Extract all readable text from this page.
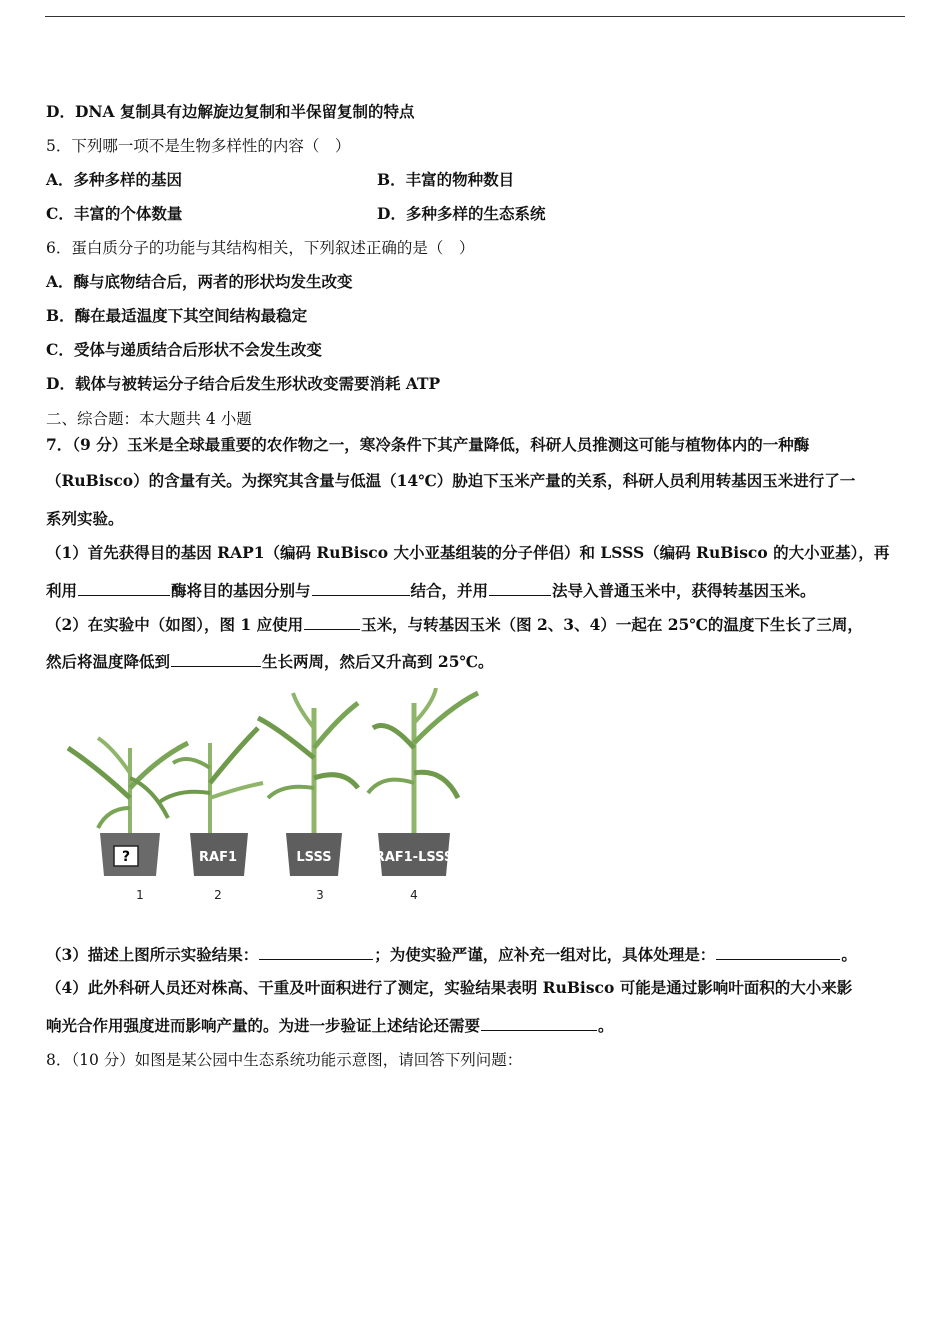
D．DNA 复制具有边解旋边复制和半保留复制的特点
5．下列哪一项不是生物多样性的内容（　）
A．多种多样的基因	B．丰富的物种数目
C．丰富的个体数量	D．多种多样的生态系统
6．蛋白质分子的功能与其结构相关，下列叙述正确的是（　）
A．酶与底物结合后，两者的形状均发生改变
B．酶在最适温度下其空间结构最稳定
C．受体与递质结合后形状不会发生改变
D．载体与被转运分子结合后发生形状改变需要消耗 ATP
二、综合题：本大题共 4 小题
7．（9 分）玉米是全球最重要的农作物之一，寒冷条件下其产量降低，科研人员推测这可能与植物体内的一种酶
（RuBisco）的含量有关。为探究其含量与低温（14℃）胁迫下玉米产量的关系，科研人员利用转基因玉米进行了一
系列实验。
（1）首先获得目的基因 RAP1（编码 RuBisco 大小亚基组装的分子伴侣）和 LSSS（编码 RuBisco 的大小亚基），再
利用	酶将目的基因分别与	结合，并用	法导入普通玉米中，获得转基因玉米。
（2）在实验中（如图），图 1 应使用	玉米，与转基因玉米（图 2、3、4）一起在 25℃的温度下生长了三周，
然后将温度降低到	生长两周，然后又升高到 25℃。
?	RAF1	LSSS	RAF1-LSSS
1	2	3	4
（3）描述上图所示实验结果：	；为使实验严谨，应补充一组对比，具体处理是：	。
（4）此外科研人员还对株高、干重及叶面积进行了测定，实验结果表明 RuBisco 可能是通过影响叶面积的大小来影
响光合作用强度进而影响产量的。为进一步验证上述结论还需要	。
8．（10 分）如图是某公园中生态系统功能示意图，请回答下列问题：
